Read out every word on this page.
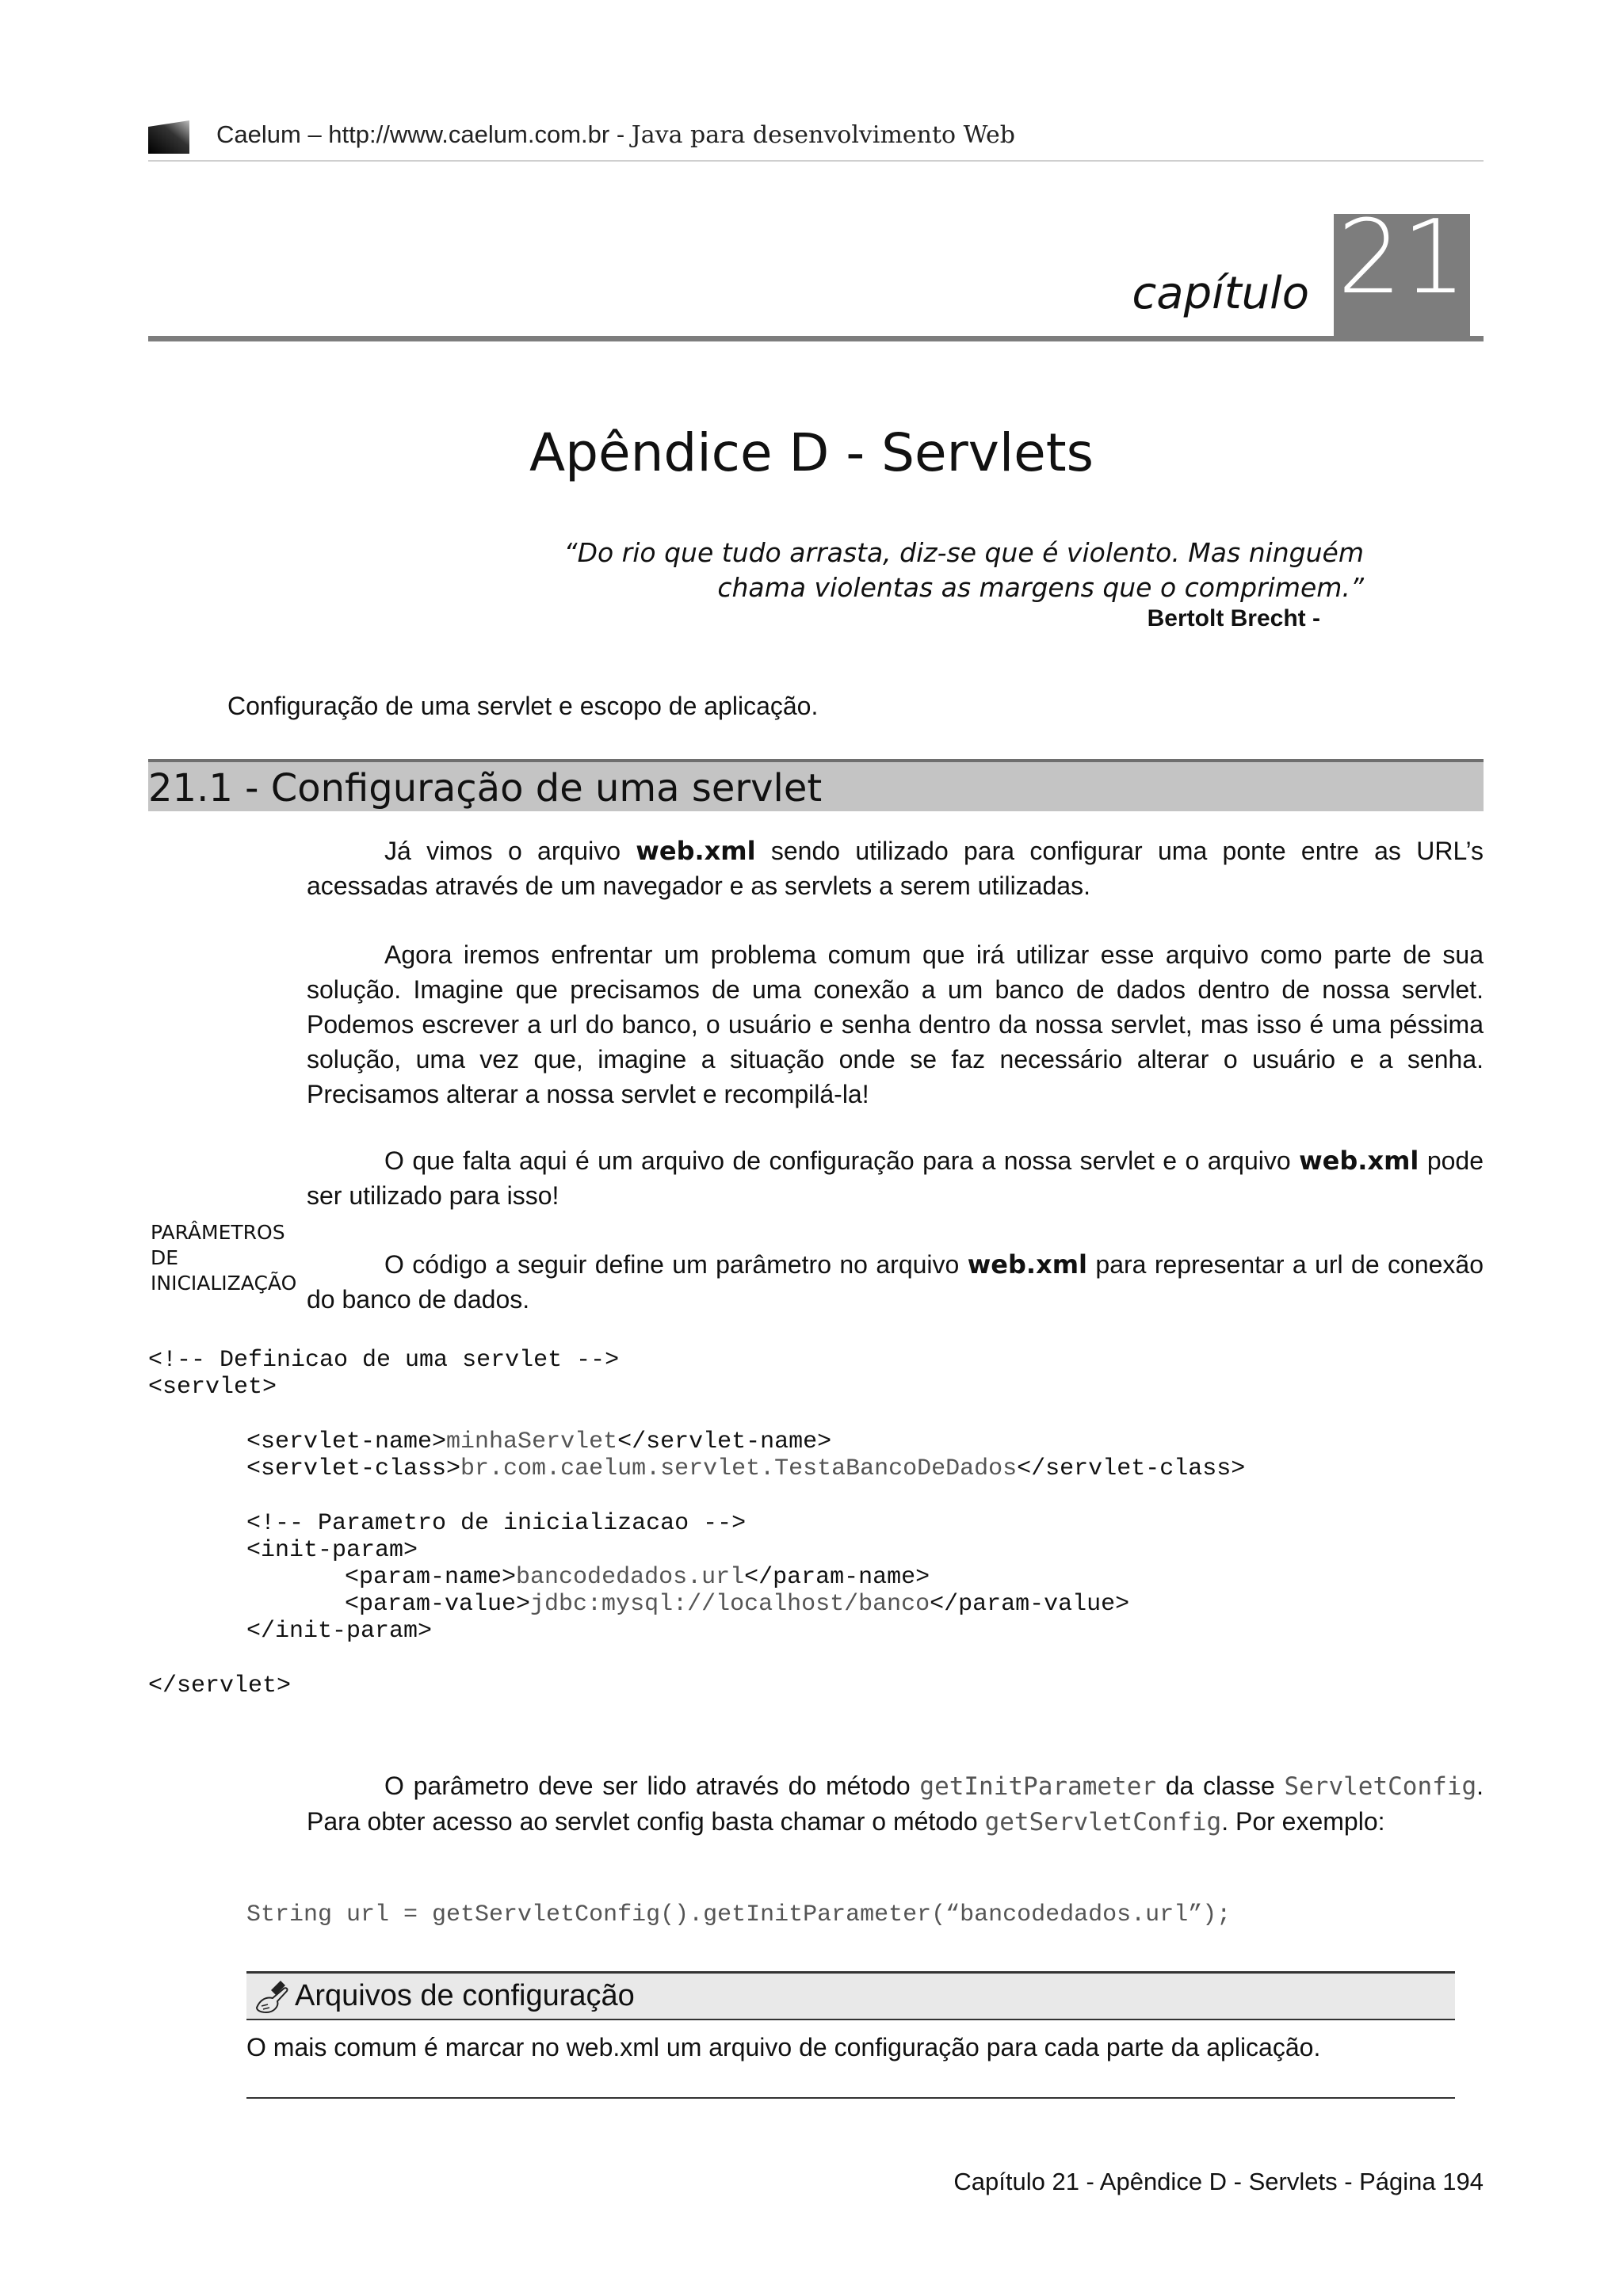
Caelum – http://www.caelum.com.br - Java para desenvolvimento Web
capítulo 21
Apêndice D - Servlets
“Do rio que tudo arrasta, diz-se que é violento. Mas ninguém
chama violentas as margens que o comprimem.”
Bertolt Brecht -
Configuração de uma servlet e escopo de aplicação.
21.1 - Configuração de uma servlet
Já vimos o arquivo web.xml sendo utilizado para configurar uma ponte entre as URL’s acessadas através de um navegador e as servlets a serem utilizadas.
Agora iremos enfrentar um problema comum que irá utilizar esse arquivo como parte de sua solução. Imagine que precisamos de uma conexão a um banco de dados dentro de nossa servlet. Podemos escrever a url do banco, o usuário e senha dentro da nossa servlet, mas isso é uma péssima solução, uma vez que, imagine a situação onde se faz necessário alterar o usuário e a senha. Precisamos alterar a nossa servlet e recompilá-la!
O que falta aqui é um arquivo de configuração para a nossa servlet e o arquivo web.xml pode ser utilizado para isso!
PARÂMETROS
DE
INICIALIZAÇÃO
O código a seguir define um parâmetro no arquivo web.xml para representar a url de conexão do banco de dados.
<!-- Definicao de uma servlet -->
<servlet>
<servlet-name>minhaServlet</servlet-name>
<servlet-class>br.com.caelum.servlet.TestaBancoDeDados</servlet-class>
<!-- Parametro de inicializacao -->
<init-param>
<param-name>bancodedados.url</param-name>
<param-value>jdbc:mysql://localhost/banco</param-value>
</init-param>
</servlet>
O parâmetro deve ser lido através do método getInitParameter da classe ServletConfig. Para obter acesso ao servlet config basta chamar o método getServletConfig. Por exemplo:
String url = getServletConfig().getInitParameter(“bancodedados.url”);
Arquivos de configuração
O mais comum é marcar no web.xml um arquivo de configuração para cada parte da aplicação.
Capítulo 21 - Apêndice D - Servlets - Página 194
